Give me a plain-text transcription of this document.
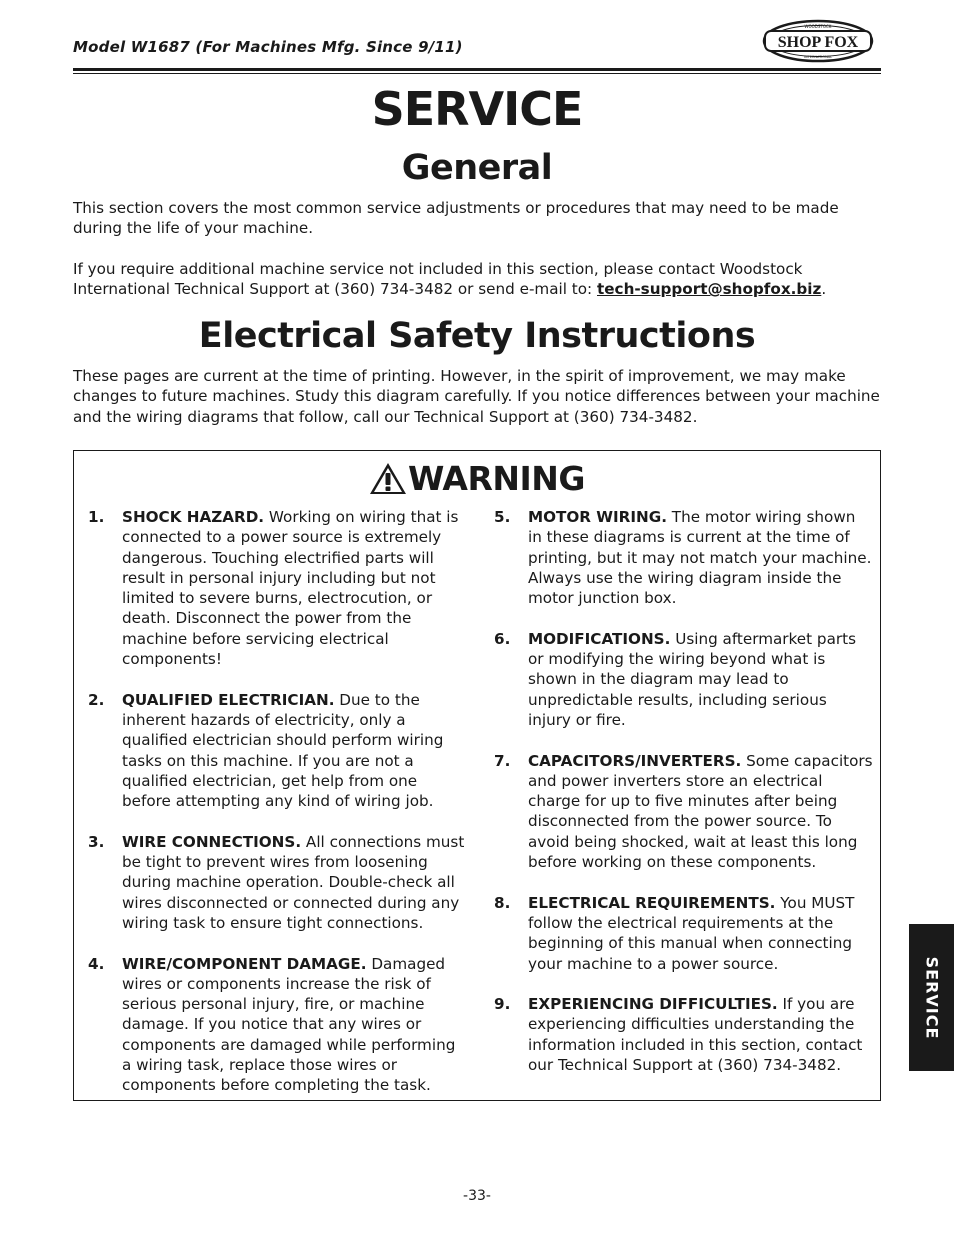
Model W1687 (For Machines Mfg. Since 9/11)	SHOP FOX
WOODSTOCK
INTERNATIONAL
SERVICE
General

This section covers the most common service adjustments or procedures that may need to be made during the life of your machine.

If you require additional machine service not included in this section, please contact Woodstock International Technical Support at (360) 734-3482 or send e-mail to: tech-support@shopfox.biz.

Electrical Safety Instructions

These pages are current at the time of printing. However, in the spirit of improvement, we may make changes to future machines. Study this diagram carefully. If you notice differences between your machine and the wiring diagrams that follow, call our Technical Support at (360) 734-3482.

WARNING
1. SHOCK HAZARD. Working on wiring that is connected to a power source is extremely dangerous. Touching electrified parts will result in personal injury including but not limited to severe burns, electrocution, or death. Disconnect the power from the machine before servicing electrical components!
2. QUALIFIED ELECTRICIAN. Due to the inherent hazards of electricity, only a qualified electrician should perform wiring tasks on this machine. If you are not a qualified electrician, get help from one before attempting any kind of wiring job.
3. WIRE CONNECTIONS. All connections must be tight to prevent wires from loosening during machine operation. Double-check all wires disconnected or connected during any wiring task to ensure tight connections.
4. WIRE/COMPONENT DAMAGE. Damaged wires or components increase the risk of serious personal injury, fire, or machine damage. If you notice that any wires or components are damaged while performing a wiring task, replace those wires or components before completing the task.
5. MOTOR WIRING. The motor wiring shown in these diagrams is current at the time of printing, but it may not match your machine. Always use the wiring diagram inside the motor junction box.
6. MODIFICATIONS. Using aftermarket parts or modifying the wiring beyond what is shown in the diagram may lead to unpredictable results, including serious injury or fire.
7. CAPACITORS/INVERTERS. Some capacitors and power inverters store an electrical charge for up to five minutes after being disconnected from the power source. To avoid being shocked, wait at least this long before working on these components.
8. ELECTRICAL REQUIREMENTS. You MUST follow the electrical requirements at the beginning of this manual when connecting your machine to a power source.
9. EXPERIENCING DIFFICULTIES. If you are experiencing difficulties understanding the information included in this section, contact our Technical Support at (360) 734-3482.
SERVICE
-33-
